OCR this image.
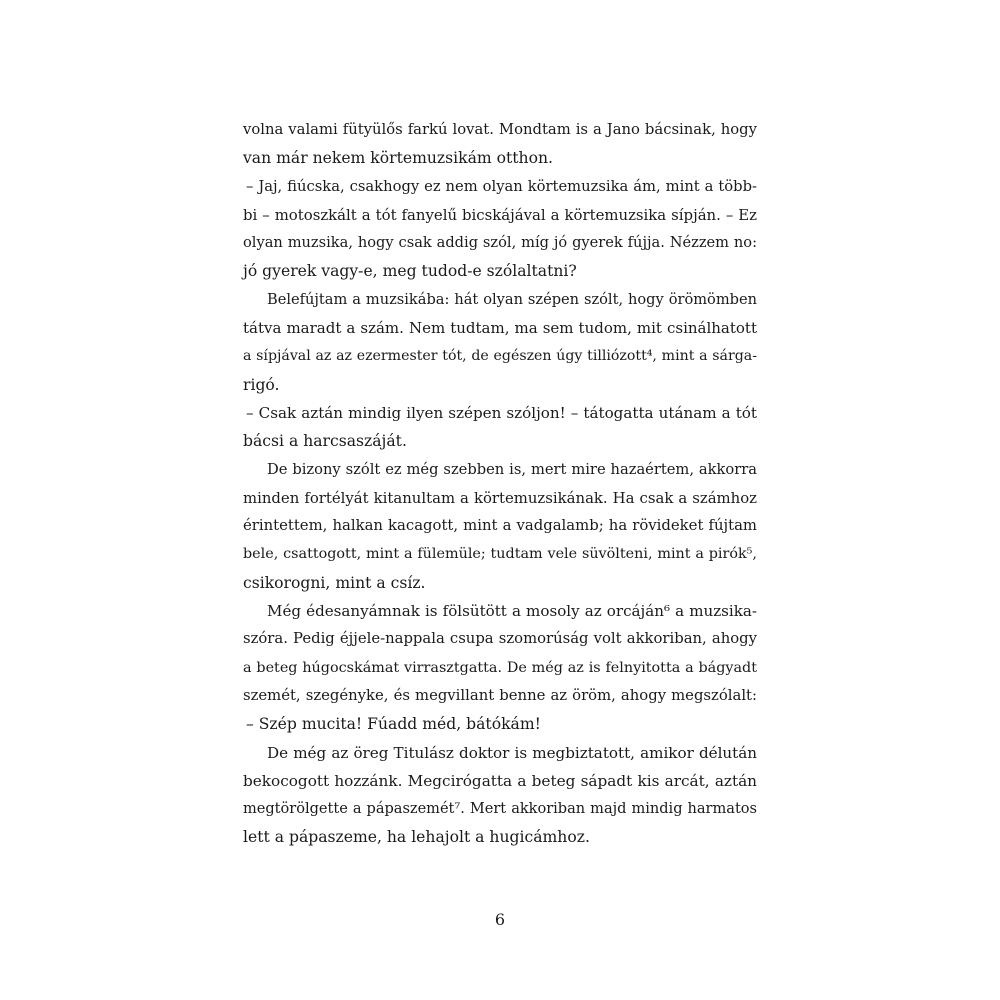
volna valami fütyülős farkú lovat. Mondtam is a Jano bácsinak, hogy
van már nekem körtemuzsikám otthon.
– Jaj, fiúcska, csakhogy ez nem olyan körtemuzsika ám, mint a több-
bi – motoszkált a tót fanyelű bicskájával a körtemuzsika sípján. – Ez
olyan muzsika, hogy csak addig szól, míg jó gyerek fújja. Nézzem no:
jó gyerek vagy-e, meg tudod-e szólaltatni?
Belefújtam a muzsikába: hát olyan szépen szólt, hogy örömömben
tátva maradt a szám. Nem tudtam, ma sem tudom, mit csinálhatott
a sípjával az az ezermester tót, de egészen úgy tilliózott⁴, mint a sárga-
rigó.
– Csak aztán mindig ilyen szépen szóljon! – tátogatta utánam a tót
bácsi a harcsaszáját.
De bizony szólt ez még szebben is, mert mire hazaértem, akkorra
minden fortélyát kitanultam a körtemuzsikának. Ha csak a számhoz
érintettem, halkan kacagott, mint a vadgalamb; ha rövideket fújtam
bele, csattogott, mint a fülemüle; tudtam vele süvölteni, mint a pirók⁵,
csikorogni, mint a csíz.
Még édesanyámnak is fölsütött a mosoly az orcáján⁶ a muzsika-
szóra. Pedig éjjele-nappala csupa szomorúság volt akkoriban, ahogy
a beteg húgocskámat virrasztgatta. De még az is felnyitotta a bágyadt
szemét, szegényke, és megvillant benne az öröm, ahogy megszólalt:
– Szép mucita! Fúadd méd, bátókám!
De még az öreg Titulász doktor is megbiztatott, amikor délután
bekocogott hozzánk. Megcirógatta a beteg sápadt kis arcát, aztán
megtörölgette a pápaszemét⁷. Mert akkoriban majd mindig harmatos
lett a pápaszeme, ha lehajolt a hugicámhoz.
6
